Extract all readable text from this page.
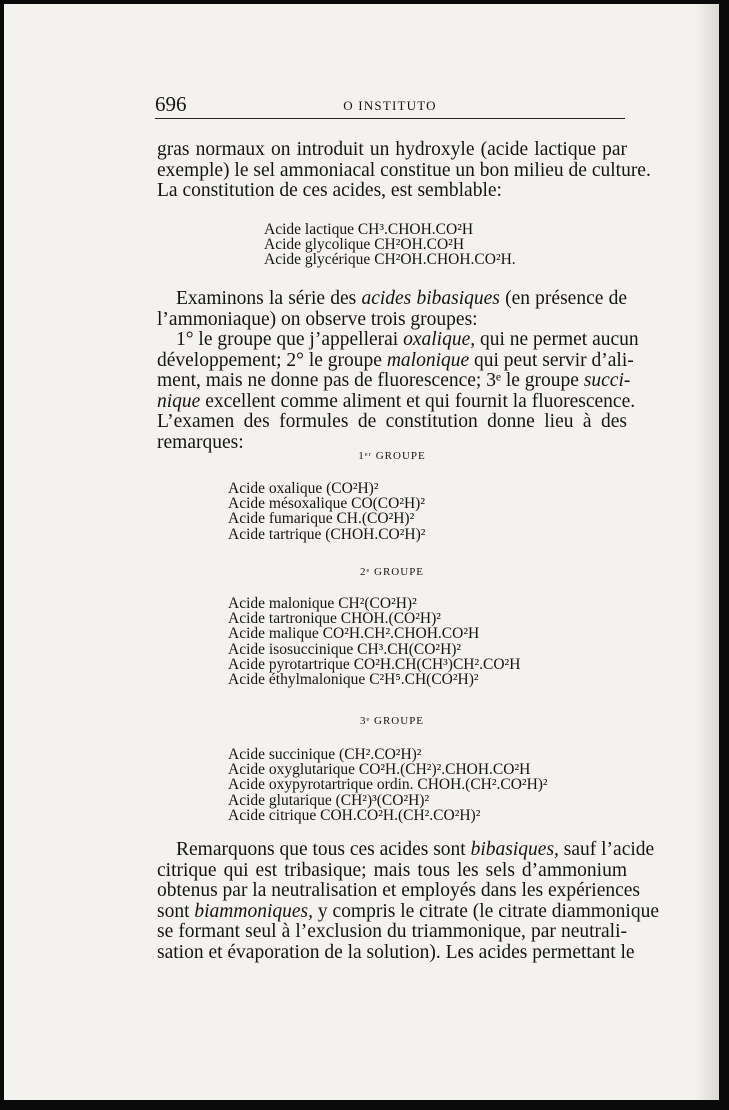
696	O INSTITUTO
gras normaux on introduit un hydroxyle (acide lactique par
exemple) le sel ammoniacal constitue un bon milieu de culture.
La constitution de ces acides, est semblable:
Acide lactique CH³.CHOH.CO²H
Acide glycolique CH²OH.CO²H
Acide glycérique CH²OH.CHOH.CO²H.
Examinons la série des acides bibasiques (en présence de
l’ammoniaque) on observe trois groupes:
1° le groupe que j’appellerai oxalique, qui ne permet aucun
développement; 2° le groupe malonique qui peut servir d’ali-
ment, mais ne donne pas de fluorescence; 3ᵉ le groupe succi-
nique excellent comme aliment et qui fournit la fluorescence.
L’examen des formules de constitution donne lieu à des
remarques:
1ᵉʳ GROUPE
Acide oxalique (CO²H)²
Acide mésoxalique CO(CO²H)²
Acide fumarique CH.(CO²H)²
Acide tartrique (CHOH.CO²H)²
2ᵉ GROUPE
Acide malonique CH²(CO²H)²
Acide tartronique CHOH.(CO²H)²
Acide malique CO²H.CH².CHOH.CO²H
Acide isosuccinique CH³.CH(CO²H)²
Acide pyrotartrique CO²H.CH(CH³)CH².CO²H
Acide éthylmalonique C²H⁵.CH(CO²H)²
3ᵉ GROUPE
Acide succinique (CH².CO²H)²
Acide oxyglutarique CO²H.(CH²)².CHOH.CO²H
Acide oxypyrotartrique ordin. CHOH.(CH².CO²H)²
Acide glutarique (CH²)³(CO²H)²
Acide citrique COH.CO²H.(CH².CO²H)²
Remarquons que tous ces acides sont bibasiques, sauf l’acide
citrique qui est tribasique; mais tous les sels d’ammonium
obtenus par la neutralisation et employés dans les expériences
sont biammoniques, y compris le citrate (le citrate diammonique
se formant seul à l’exclusion du triammonique, par neutrali-
sation et évaporation de la solution). Les acides permettant le
